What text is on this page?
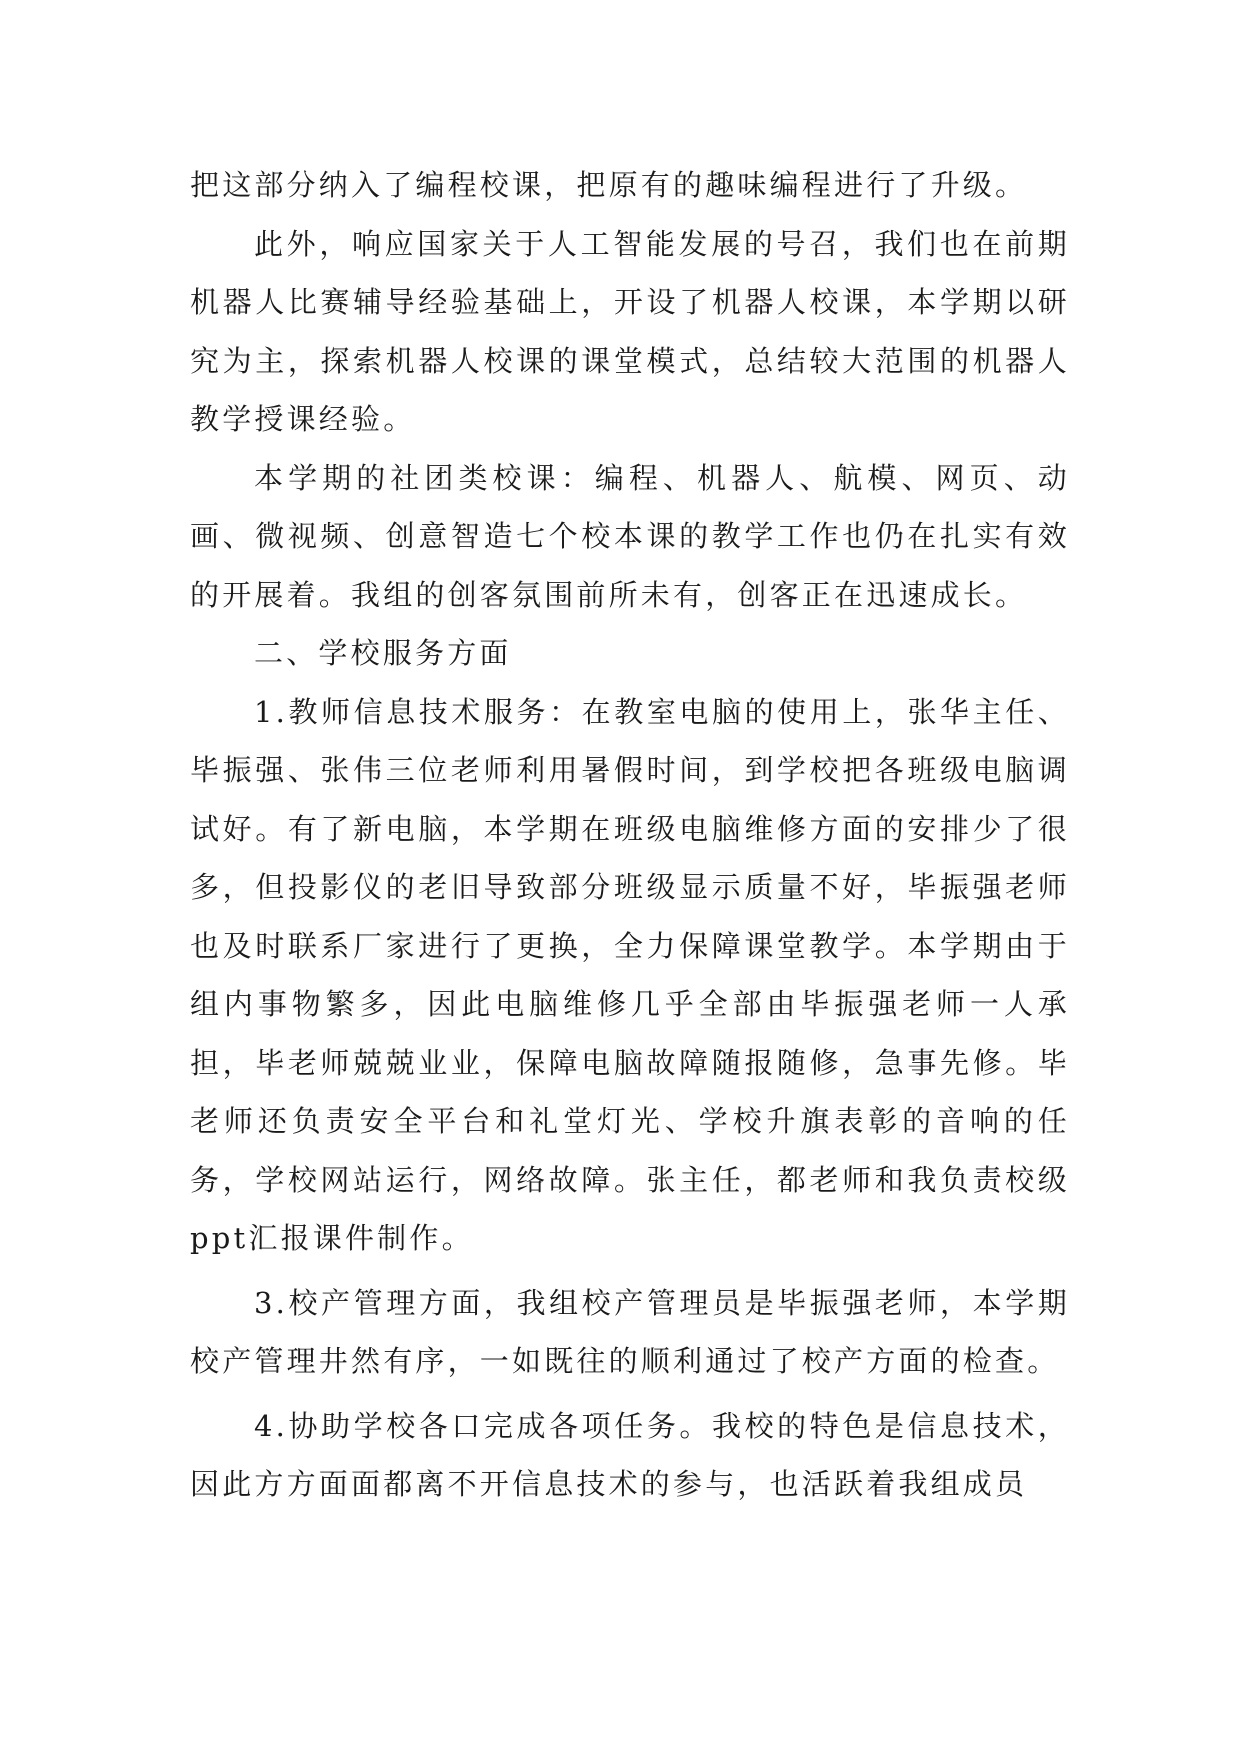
把这部分纳入了编程校课，把原有的趣味编程进行了升级。

此外，响应国家关于人工智能发展的号召，我们也在前期机器人比赛辅导经验基础上，开设了机器人校课，本学期以研究为主，探索机器人校课的课堂模式，总结较大范围的机器人教学授课经验。

本学期的社团类校课：编程、机器人、航模、网页、动画、微视频、创意智造七个校本课的教学工作也仍在扎实有效的开展着。我组的创客氛围前所未有，创客正在迅速成长。

二、学校服务方面

1.教师信息技术服务：在教室电脑的使用上，张华主任、毕振强、张伟三位老师利用暑假时间，到学校把各班级电脑调试好。有了新电脑，本学期在班级电脑维修方面的安排少了很多，但投影仪的老旧导致部分班级显示质量不好，毕振强老师也及时联系厂家进行了更换，全力保障课堂教学。本学期由于组内事物繁多，因此电脑维修几乎全部由毕振强老师一人承担，毕老师兢兢业业，保障电脑故障随报随修，急事先修。毕老师还负责安全平台和礼堂灯光、学校升旗表彰的音响的任务，学校网站运行，网络故障。张主任，都老师和我负责校级ppt汇报课件制作。

3.校产管理方面，我组校产管理员是毕振强老师，本学期校产管理井然有序，一如既往的顺利通过了校产方面的检查。

4.协助学校各口完成各项任务。我校的特色是信息技术，因此方方面面都离不开信息技术的参与，也活跃着我组成员
